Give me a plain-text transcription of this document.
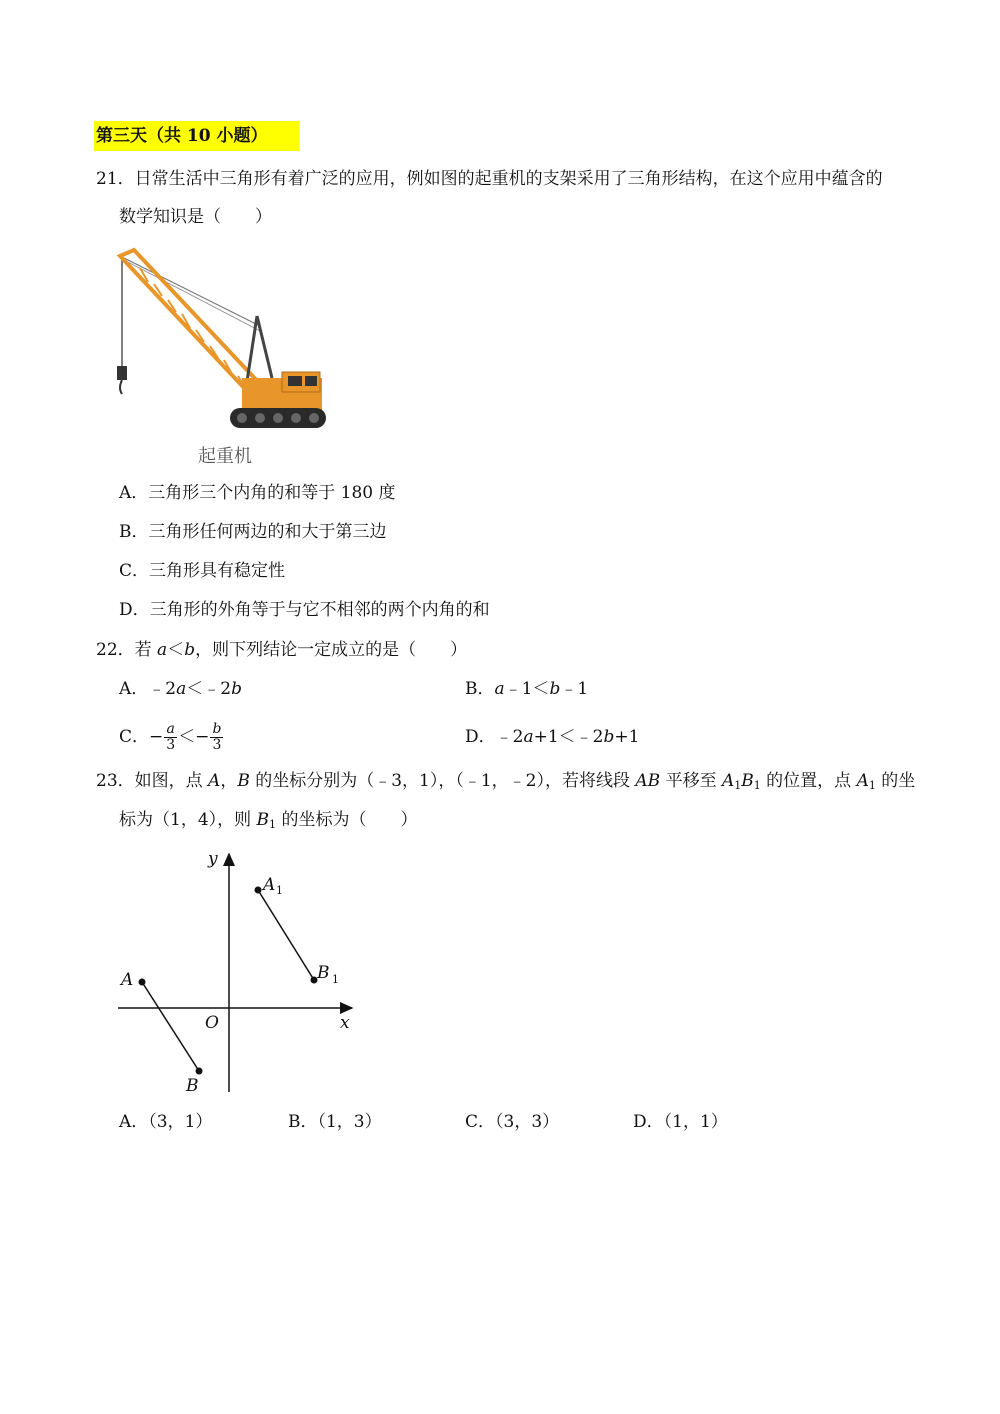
第三天（共 10 小题）
21．日常生活中三角形有着广泛的应用，例如图的起重机的支架采用了三角形结构，在这个应用中蕴含的
数学知识是（　　）
起重机
A．三角形三个内角的和等于 180 度
B．三角形任何两边的和大于第三边
C．三角形具有稳定性
D．三角形的外角等于与它不相邻的两个内角的和
22．若 a＜b，则下列结论一定成立的是（　　）
A．﹣2a＜﹣2b	B．a﹣1＜b﹣1
C．− $\frac{a}{3} <- \frac{b}{3}$	D．﹣2a+1＜﹣2b+1
23．如图，点 A，B 的坐标分别为（﹣3，1），（﹣1，﹣2），若将线段 AB 平移至 $A_1B_1$ 的位置，点 $A_1$ 的坐
标为（1，4），则 $B_1$ 的坐标为（　　）
y
x
O
A
B
A
B
1
1
A．（3，1）	B．（1，3）	C．（3，3）	D．（1，1）
